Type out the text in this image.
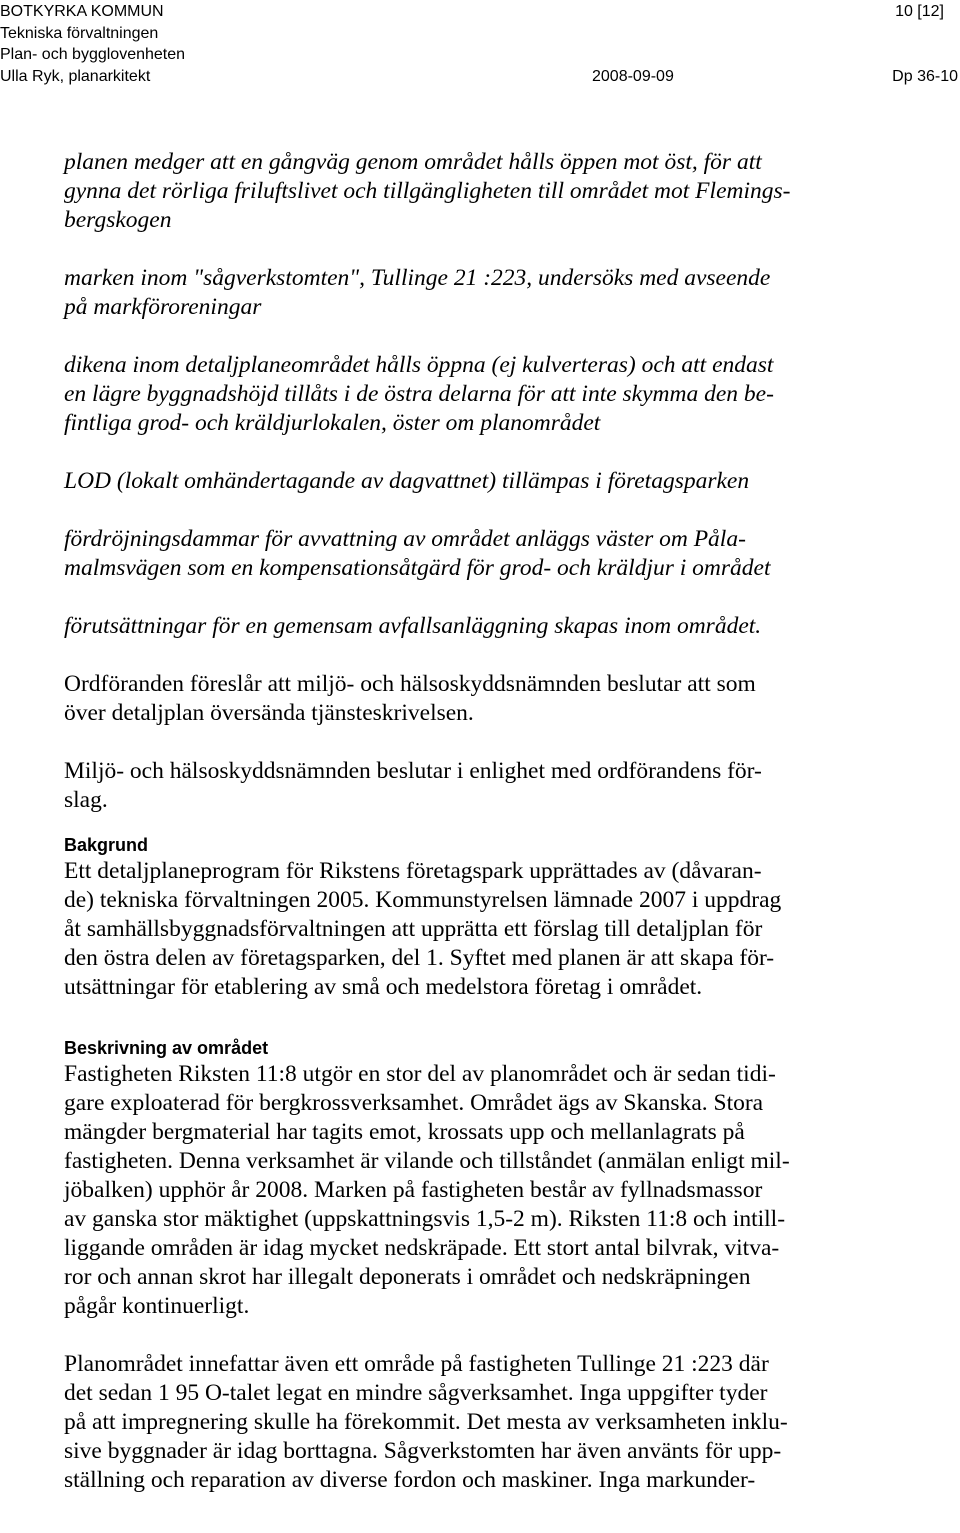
BOTKYRKA KOMMUN
Tekniska förvaltningen
Plan- och bygglovenheten
Ulla Ryk, planarkitekt	2008-09-09
10 [12]
Dp 36-10

planen medger att en gångväg genom området hålls öppen mot öst, för att

gynna det rörliga friluftslivet och tillgängligheten till området mot Flemings-

bergskogen

marken inom "sågverkstomten", Tullinge 21 :223, undersöks med avseende

på markföroreningar

dikena inom detaljplaneområdet hålls öppna (ej kulverteras) och att endast

en lägre byggnadshöjd tillåts i de östra delarna för att inte skymma den be-

fintliga grod- och kräldjurlokalen, öster om planområdet

LOD (lokalt omhändertagande av dagvattnet) tillämpas i företagsparken

fördröjningsdammar för avvattning av området anläggs väster om Påla-

malmsvägen som en kompensationsåtgärd för grod- och kräldjur i området

förutsättningar för en gemensam avfallsanläggning skapas inom området.

Ordföranden föreslår att miljö- och hälsoskyddsnämnden beslutar att som

över detaljplan översända tjänsteskrivelsen.

Miljö- och hälsoskyddsnämnden beslutar i enlighet med ordförandens för-

slag.

Bakgrund

Ett detaljplaneprogram för Rikstens företagspark upprättades av (dåvaran-

de) tekniska förvaltningen 2005. Kommunstyrelsen lämnade 2007 i uppdrag

åt samhällsbyggnadsförvaltningen att upprätta ett förslag till detaljplan för

den östra delen av företagsparken, del 1. Syftet med planen är att skapa för-

utsättningar för etablering av små och medelstora företag i området.

Beskrivning av området

Fastigheten Riksten 11:8 utgör en stor del av planområdet och är sedan tidi-

gare exploaterad för bergkrossverksamhet. Området ägs av Skanska. Stora

mängder bergmaterial har tagits emot, krossats upp och mellanlagrats på

fastigheten. Denna verksamhet är vilande och tillståndet (anmälan enligt mil-

jöbalken) upphör år 2008. Marken på fastigheten består av fyllnadsmassor

av ganska stor mäktighet (uppskattningsvis 1,5-2 m). Riksten 11:8 och intill-

liggande områden är idag mycket nedskräpade. Ett stort antal bilvrak, vitva-

ror och annan skrot har illegalt deponerats i området och nedskräpningen

pågår kontinuerligt.

Planområdet innefattar även ett område på fastigheten Tullinge 21 :223 där

det sedan 1 95 O-talet legat en mindre sågverksamhet. Inga uppgifter tyder

på att impregnering skulle ha förekommit. Det mesta av verksamheten inklu-

sive byggnader är idag borttagna. Sågverkstomten har även använts för upp-

ställning och reparation av diverse fordon och maskiner. Inga markunder-
